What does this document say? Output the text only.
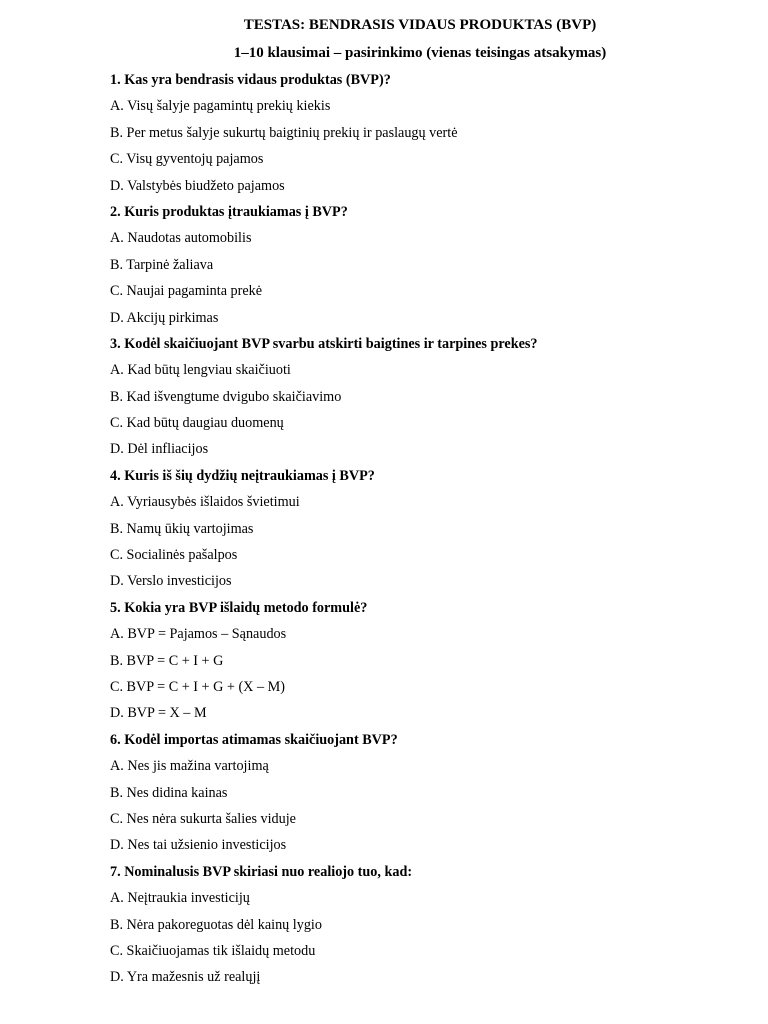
TESTAS: BENDRASIS VIDAUS PRODUKTAS (BVP)
1–10 klausimai – pasirinkimo (vienas teisingas atsakymas)
1. Kas yra bendrasis vidaus produktas (BVP)?
A. Visų šalyje pagamintų prekių kiekis
B. Per metus šalyje sukurtų baigtinių prekių ir paslaugų vertė
C. Visų gyventojų pajamos
D. Valstybės biudžeto pajamos
2. Kuris produktas įtraukiamas į BVP?
A. Naudotas automobilis
B. Tarpinė žaliava
C. Naujai pagaminta prekė
D. Akcijų pirkimas
3. Kodėl skaičiuojant BVP svarbu atskirti baigtines ir tarpines prekes?
A. Kad būtų lengviau skaičiuoti
B. Kad išvengtume dvigubo skaičiavimo
C. Kad būtų daugiau duomenų
D. Dėl infliacijos
4. Kuris iš šių dydžių neįtraukiamas į BVP?
A. Vyriausybės išlaidos švietimui
B. Namų ūkių vartojimas
C. Socialinės pašalpos
D. Verslo investicijos
5. Kokia yra BVP išlaidų metodo formulė?
A. BVP = Pajamos – Sąnaudos
B. BVP = C + I + G
C. BVP = C + I + G + (X – M)
D. BVP = X – M
6. Kodėl importas atimamas skaičiuojant BVP?
A. Nes jis mažina vartojimą
B. Nes didina kainas
C. Nes nėra sukurta šalies viduje
D. Nes tai užsienio investicijos
7. Nominalusis BVP skiriasi nuo realiojo tuo, kad:
A. Neįtraukia investicijų
B. Nėra pakoreguotas dėl kainų lygio
C. Skaičiuojamas tik išlaidų metodu
D. Yra mažesnis už realųjį
